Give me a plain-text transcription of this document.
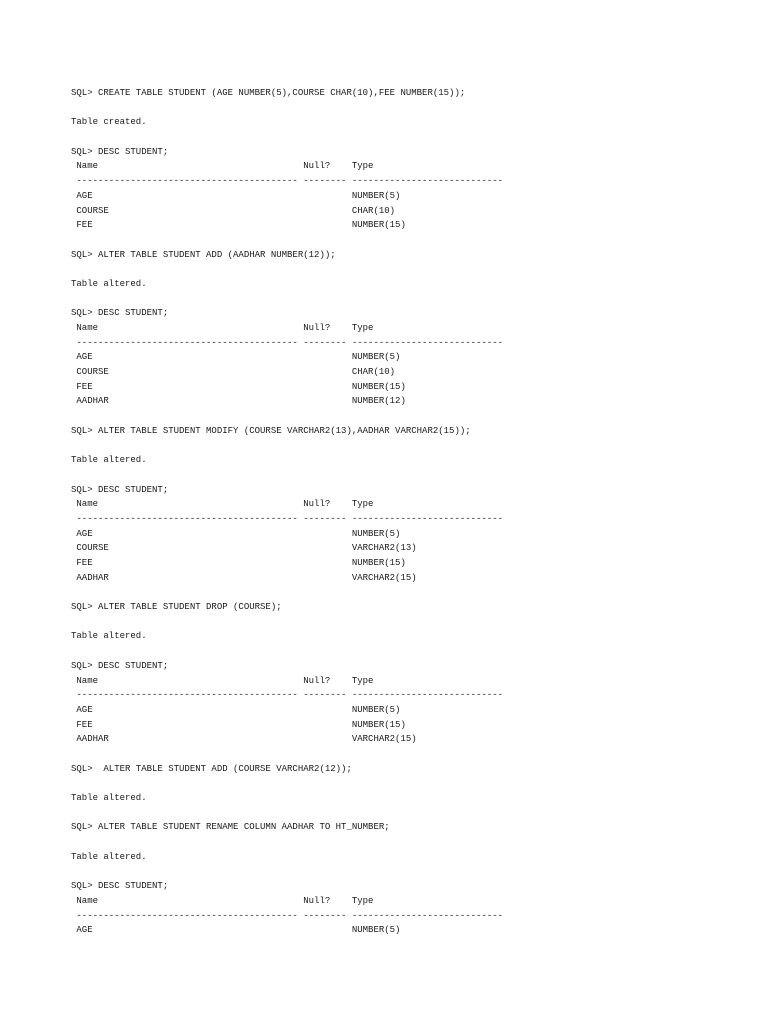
SQL> CREATE TABLE STUDENT (AGE NUMBER(5),COURSE CHAR(10),FEE NUMBER(15));
Table created.
SQL> DESC STUDENT;
Name                                      Null?    Type
----------------------------------------- -------- ----------------------------
AGE                                                NUMBER(5)
COURSE                                             CHAR(10)
FEE                                                NUMBER(15)
SQL> ALTER TABLE STUDENT ADD (AADHAR NUMBER(12));
Table altered.
SQL> DESC STUDENT;
Name                                      Null?    Type
----------------------------------------- -------- ----------------------------
AGE                                                NUMBER(5)
COURSE                                             CHAR(10)
FEE                                                NUMBER(15)
AADHAR                                             NUMBER(12)
SQL> ALTER TABLE STUDENT MODIFY (COURSE VARCHAR2(13),AADHAR VARCHAR2(15));
Table altered.
SQL> DESC STUDENT;
Name                                      Null?    Type
----------------------------------------- -------- ----------------------------
AGE                                                NUMBER(5)
COURSE                                             VARCHAR2(13)
FEE                                                NUMBER(15)
AADHAR                                             VARCHAR2(15)
SQL> ALTER TABLE STUDENT DROP (COURSE);
Table altered.
SQL> DESC STUDENT;
Name                                      Null?    Type
----------------------------------------- -------- ----------------------------
AGE                                                NUMBER(5)
FEE                                                NUMBER(15)
AADHAR                                             VARCHAR2(15)
SQL>  ALTER TABLE STUDENT ADD (COURSE VARCHAR2(12));
Table altered.
SQL> ALTER TABLE STUDENT RENAME COLUMN AADHAR TO HT_NUMBER;
Table altered.
SQL> DESC STUDENT;
Name                                      Null?    Type
----------------------------------------- -------- ----------------------------
AGE                                                NUMBER(5)
